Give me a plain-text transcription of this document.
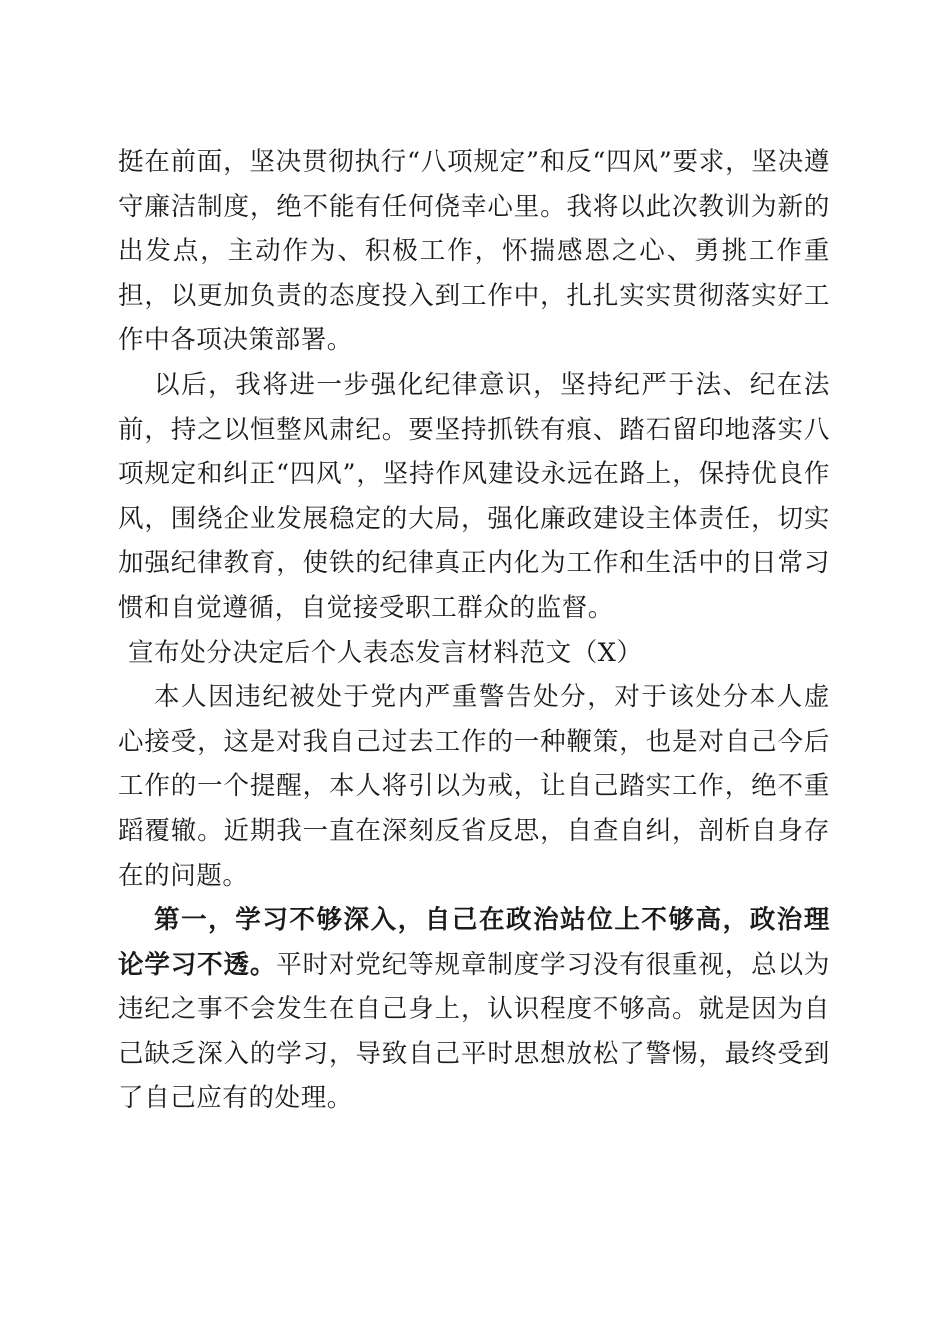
挺在前面，坚决贯彻执行“八项规定”和反“四风”要求，坚决遵守廉洁制度，绝不能有任何侥幸心里。我将以此次教训为新的出发点，主动作为、积极工作，怀揣感恩之心、勇挑工作重担，以更加负责的态度投入到工作中，扎扎实实贯彻落实好工作中各项决策部署。

以后，我将进一步强化纪律意识，坚持纪严于法、纪在法前，持之以恒整风肃纪。要坚持抓铁有痕、踏石留印地落实八项规定和纠正“四风”，坚持作风建设永远在路上，保持优良作风，围绕企业发展稳定的大局，强化廉政建设主体责任，切实加强纪律教育，使铁的纪律真正内化为工作和生活中的日常习惯和自觉遵循，自觉接受职工群众的监督。

宣布处分决定后个人表态发言材料范文（X）

本人因违纪被处于党内严重警告处分，对于该处分本人虚心接受，这是对我自己过去工作的一种鞭策，也是对自己今后工作的一个提醒，本人将引以为戒，让自己踏实工作，绝不重蹈覆辙。近期我一直在深刻反省反思，自查自纠，剖析自身存在的问题。

第一，学习不够深入，自己在政治站位上不够高，政治理论学习不透。平时对党纪等规章制度学习没有很重视，总以为违纪之事不会发生在自己身上，认识程度不够高。就是因为自己缺乏深入的学习，导致自己平时思想放松了警惕，最终受到了自己应有的处理。
